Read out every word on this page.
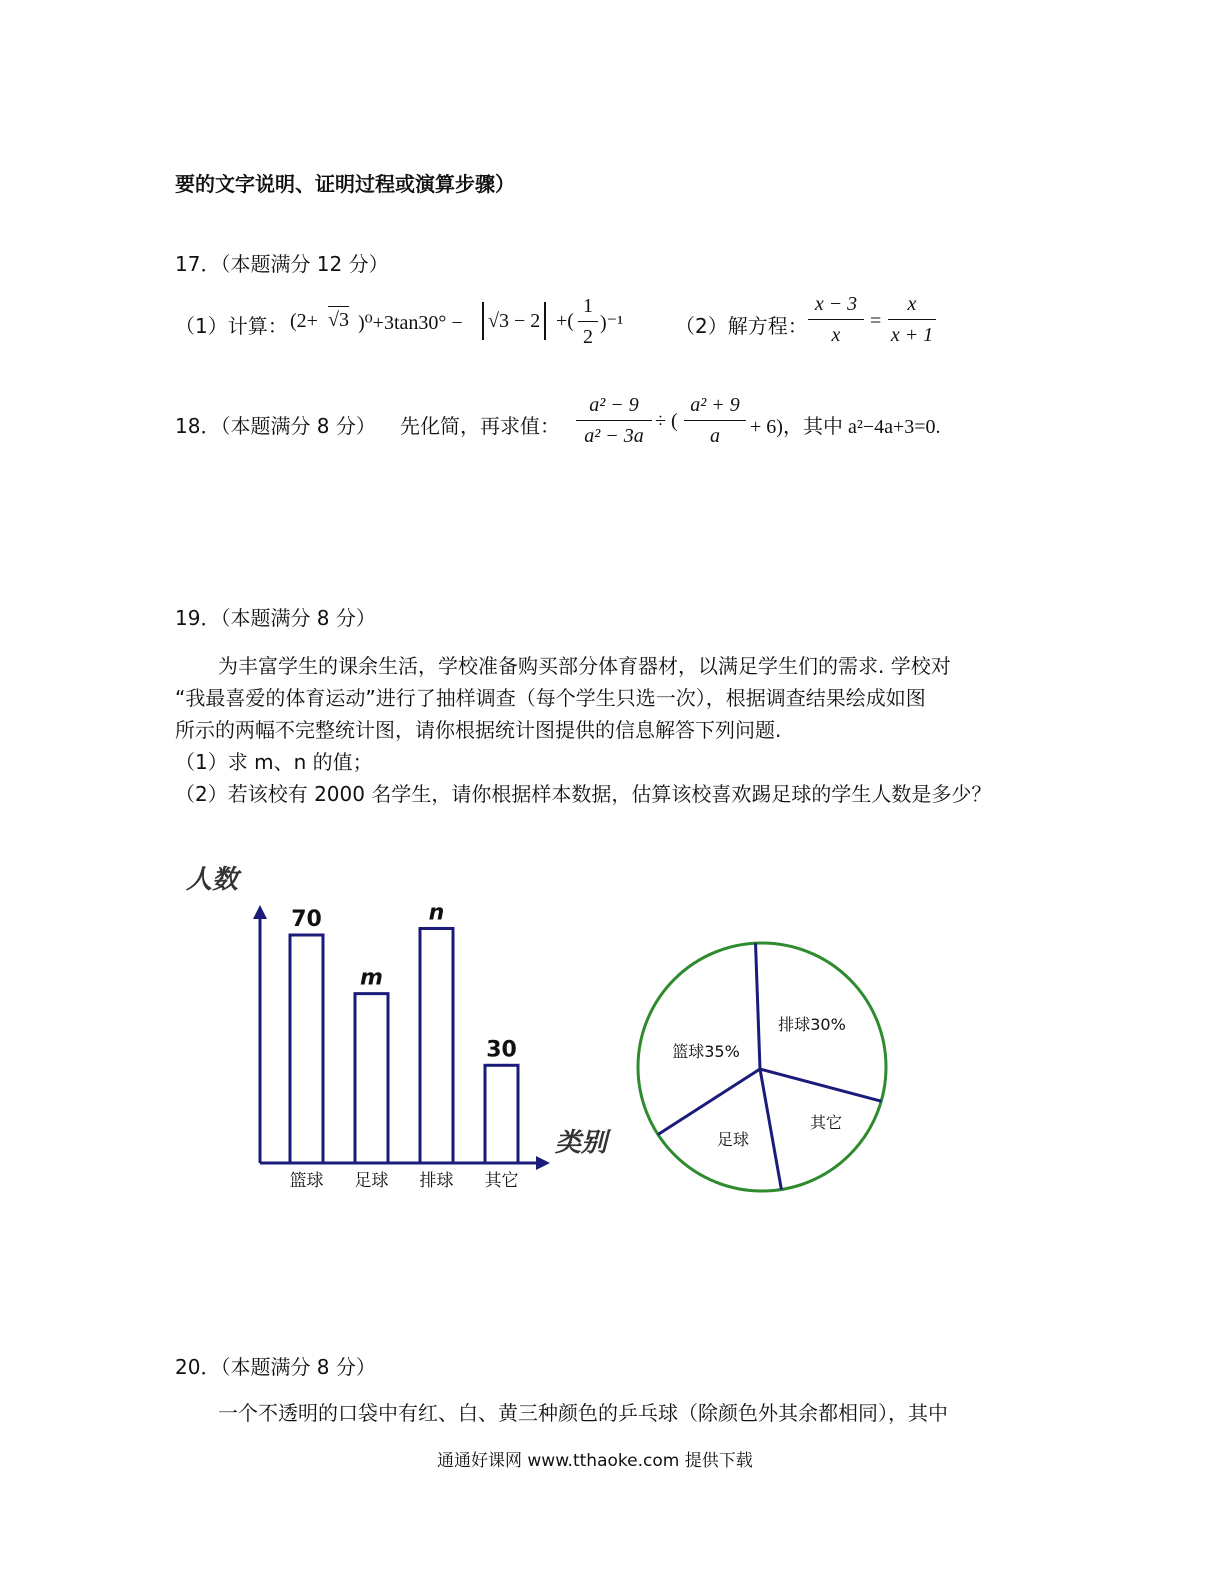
要的文字说明、证明过程或演算步骤）
17．（本题满分 12 分）
（1）计算： (2+ √3 )⁰+3tan30° −	√3 − 2 +(
1
2
)⁻¹	（2）解方程：
x − 3
x
=
x
x + 1
18．（本题满分 8 分） 先化简，再求值：
a² − 9
a² − 3a
÷ (
a² + 9
a	+ 6)，其中 a²−4a+3=0.
19．（本题满分 8 分）
为丰富学生的课余生活，学校准备购买部分体育器材，以满足学生们的需求. 学校对
“我最喜爱的体育运动”进行了抽样调查（每个学生只选一次），根据调查结果绘成如图
所示的两幅不完整统计图，请你根据统计图提供的信息解答下列问题.
（1）求 m、n 的值；
（2）若该校有 2000 名学生，请你根据样本数据，估算该校喜欢踢足球的学生人数是多少？
人数
类别
70
篮球
m
足球
n
排球
30
其它
排球30%
其它
足球
篮球35%
20．（本题满分 8 分）
一个不透明的口袋中有红、白、黄三种颜色的乒乓球（除颜色外其余都相同），其中
通通好课网 www.tthaoke.com 提供下载
